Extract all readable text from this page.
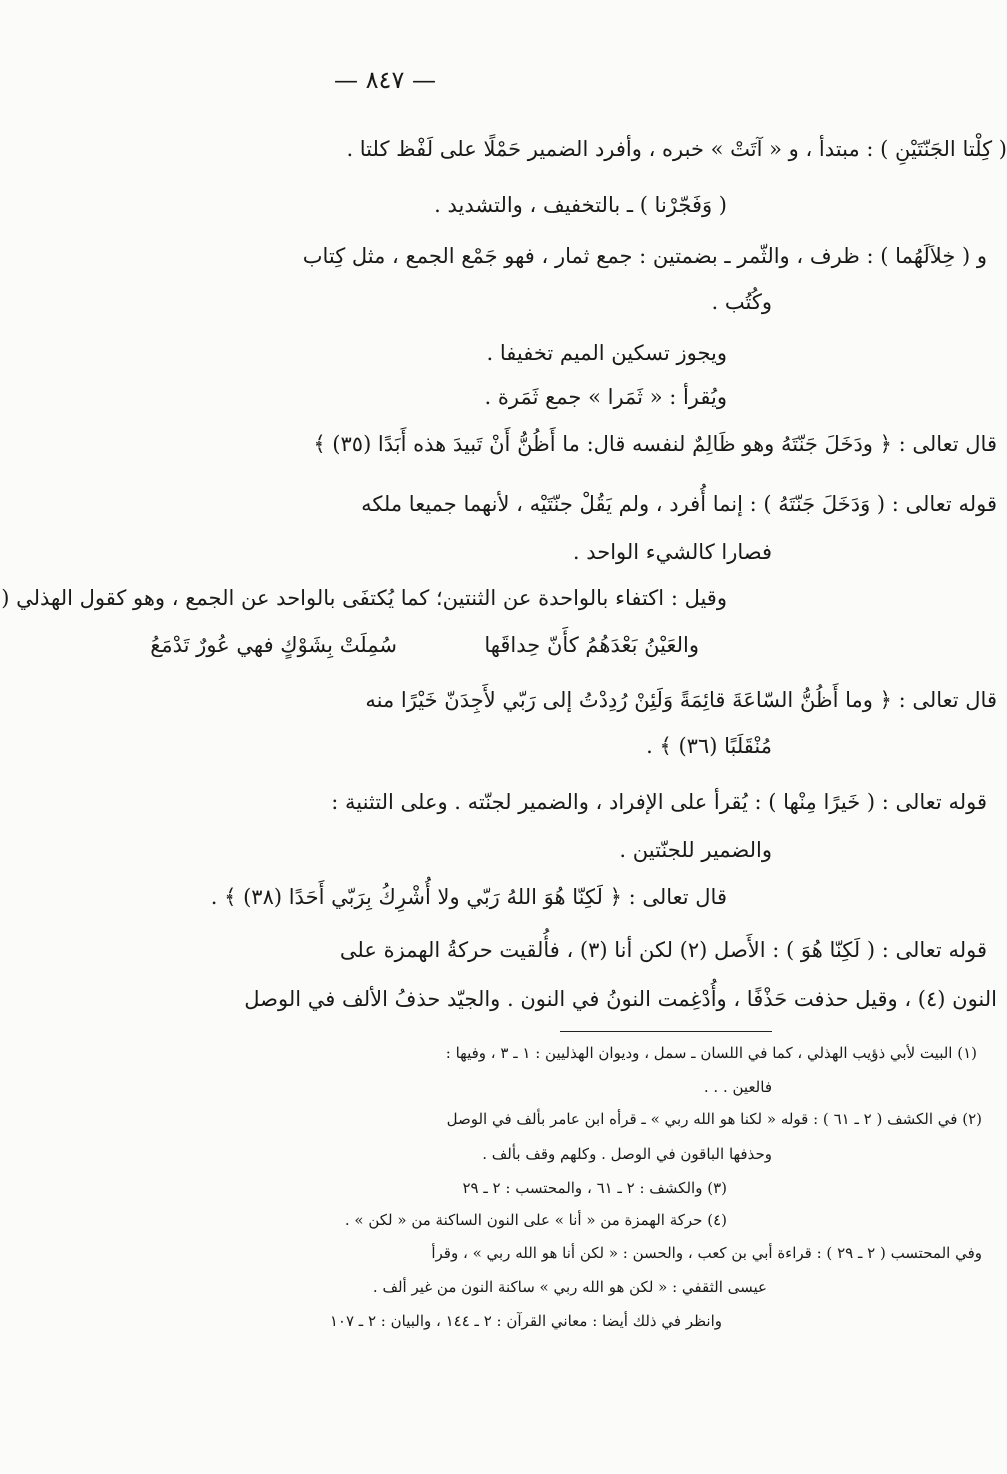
— ٨٤٧ —
( كِلْتا الجَنّتَيْنِ ) : مبتدأ ، و « آتَتْ » خبره ، وأفرد الضمير حَمْلًا على لَفْظ كلتا .
( وَفَجّرْنا ) ـ بالتخفيف ، والتشديد .
و ( خِلاَلَهُما ) : ظرف ، والثّمر ـ بضمتين : جمع ثمار ، فهو جَمْع الجمع ، مثل كِتاب
وكُتُب .
ويجوز تسكين الميم تخفيفا .
ويُقرأ : « ثَمَرا » جمع ثَمَرة .
قال تعالى : ﴿ ودَخَلَ جَنّتَهُ وهو ظَالِمٌ لنفسه قال: ما أَظُنُّ أَنْ تَبيدَ هذه أَبَدًا (٣٥) ﴾
قوله تعالى : ( وَدَخَلَ جَنّتَهُ ) : إنما أُفرد ، ولم يَقُلْ جنّتَيْه ، لأنهما جميعا ملكه
فصارا كالشيء الواحد .
وقيل : اكتفاء بالواحدة عن الثنتين؛ كما يُكتفَى بالواحد عن الجمع ، وهو كقول الهذلي (
والعَيْنُ بَعْدَهُمُ كأَنّ حِداقَها
سُمِلَتْ بِشَوْكٍ فهي عُورٌ تَدْمَعُ
قال تعالى : ﴿ وما أَظُنُّ السّاعَةَ قائِمَةً وَلَئِنْ رُدِدْتُ إلى رَبّي لأَجِدَنّ خَيْرًا منه
مُنْقَلَبًا (٣٦) ﴾ .
قوله تعالى : ( خَيرًا مِنْها ) : يُقرأ على الإفراد ، والضمير لجنّته . وعلى التثنية :
والضمير للجنّتين .
قال تعالى : ﴿ لَكِنّا هُوَ اللهُ رَبّي ولا أُشْرِكُ بِرَبّي أَحَدًا (٣٨) ﴾ .
قوله تعالى : ( لَكِنّا هُوَ ) : الأَصل (٢) لكن أنا (٣) ، فأُلقيت حركةُ الهمزة على
النون (٤) ، وقيل حذفت حَذْفًا ، وأُدْغِمت النونُ في النون . والجيّد حذفُ الألف في الوصل
(١) البيت لأبي ذؤيب الهذلي ، كما في اللسان ـ سمل ، وديوان الهذليين : ١ ـ ٣ ، وفيها :
فالعين . . .
(٢) في الكشف ( ٢ ـ ٦١ ) : قوله « لكنا هو الله ربي » ـ قرأه ابن عامر بألف في الوصل
وحذفها الباقون في الوصل . وكلهم وقف بألف .
(٣) والكشف : ٢ ـ ٦١ ، والمحتسب : ٢ ـ ٢٩
(٤) حركة الهمزة من « أنا » على النون الساكنة من « لكن » .
وفي المحتسب ( ٢ ـ ٢٩ ) : قراءة أبي بن كعب ، والحسن : « لكن أنا هو الله ربي » ، وقرأ
عيسى الثقفي : « لكن هو الله ربي » ساكنة النون من غير ألف .
وانظر في ذلك أيضا : معاني القرآن : ٢ ـ ١٤٤ ، والبيان : ٢ ـ ١٠٧
